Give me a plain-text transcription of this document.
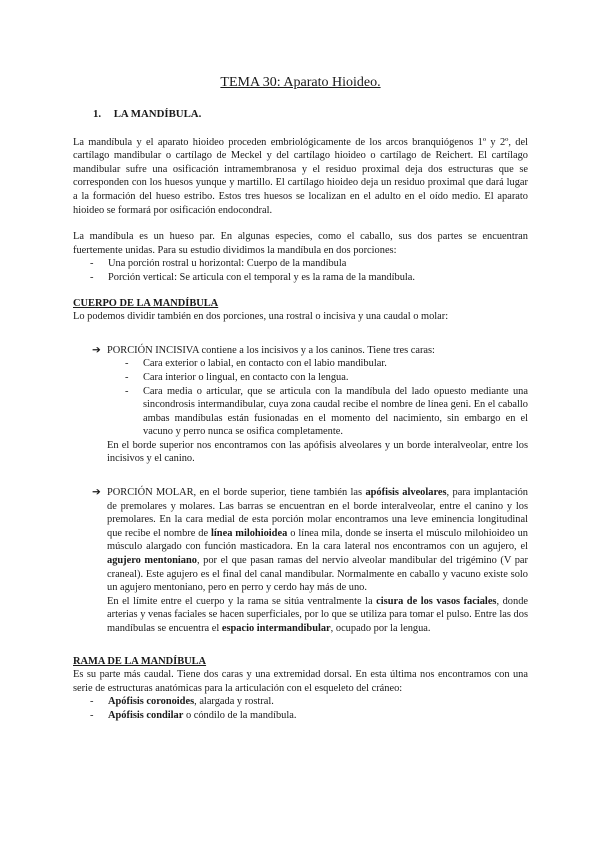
TEMA 30: Aparato Hioideo.
1. LA MANDÍBULA.

La mandíbula y el aparato hioideo proceden embriológicamente de los arcos branquiógenos 1º y 2º, del cartílago mandibular o cartílago de Meckel y del cartílago hioideo o cartílago de Reichert. El cartílago mandibular sufre una osificación intramembranosa y el residuo proximal deja dos estructuras que se corresponden con los huesos yunque y martillo. El cartílago hioideo deja un residuo proximal que dará lugar a la formación del hueso estribo. Estos tres huesos se localizan en el adulto en el oído medio. El aparato hioideo se formará por osificación endocondral.

La mandíbula es un hueso par. En algunas especies, como el caballo, sus dos partes se encuentran fuertemente unidas. Para su estudio dividimos la mandíbula en dos porciones:

- Una porción rostral u horizontal: Cuerpo de la mandíbula
- Porción vertical: Se articula con el temporal y es la rama de la mandíbula.
CUERPO DE LA MANDÍBULA

Lo podemos dividir también en dos porciones, una rostral o incisiva y una caudal o molar:

➔ PORCIÓN INCISIVA contiene a los incisivos y a los caninos. Tiene tres caras:

- Cara exterior o labial, en contacto con el labio mandibular.
- Cara interior o lingual, en contacto con la lengua.
- Cara media o articular, que se articula con la mandíbula del lado opuesto mediante una sincondrosis intermandibular, cuya zona caudal recibe el nombre de línea geni. En el caballo ambas mandíbulas están fusionadas en el momento del nacimiento, sin embargo en el vacuno y perro nunca se osifica completamente.

En el borde superior nos encontramos con las apófisis alveolares y un borde interalveolar, entre los incisivos y el canino.

➔ PORCIÓN MOLAR, en el borde superior, tiene también las apófisis alveolares, para implantación de premolares y molares. Las barras se encuentran en el borde interalveolar, entre el canino y los premolares. En la cara medial de esta porción molar encontramos una leve eminencia longitudinal que recibe el nombre de línea milohioidea o línea mila, donde se inserta el músculo milohioideo un músculo alargado con función masticadora. En la cara lateral nos encontramos con un agujero, el agujero mentoniano, por el que pasan ramas del nervio alveolar mandibular del trigémino (V par craneal). Este agujero es el final del canal mandibular. Normalmente en caballo y vacuno existe solo un agujero mentoniano, pero en perro y cerdo hay más de uno.

En el límite entre el cuerpo y la rama se sitúa ventralmente la cisura de los vasos faciales, donde arterias y venas faciales se hacen superficiales, por lo que se utiliza para tomar el pulso. Entre las dos mandíbulas se encuentra el espacio intermandibular, ocupado por la lengua.

RAMA DE LA MANDÍBULA

Es su parte más caudal. Tiene dos caras y una extremidad dorsal. En esta última nos encontramos con una serie de estructuras anatómicas para la articulación con el esqueleto del cráneo:

- Apófisis coronoides, alargada y rostral.
- Apófisis condilar o cóndilo de la mandíbula.
